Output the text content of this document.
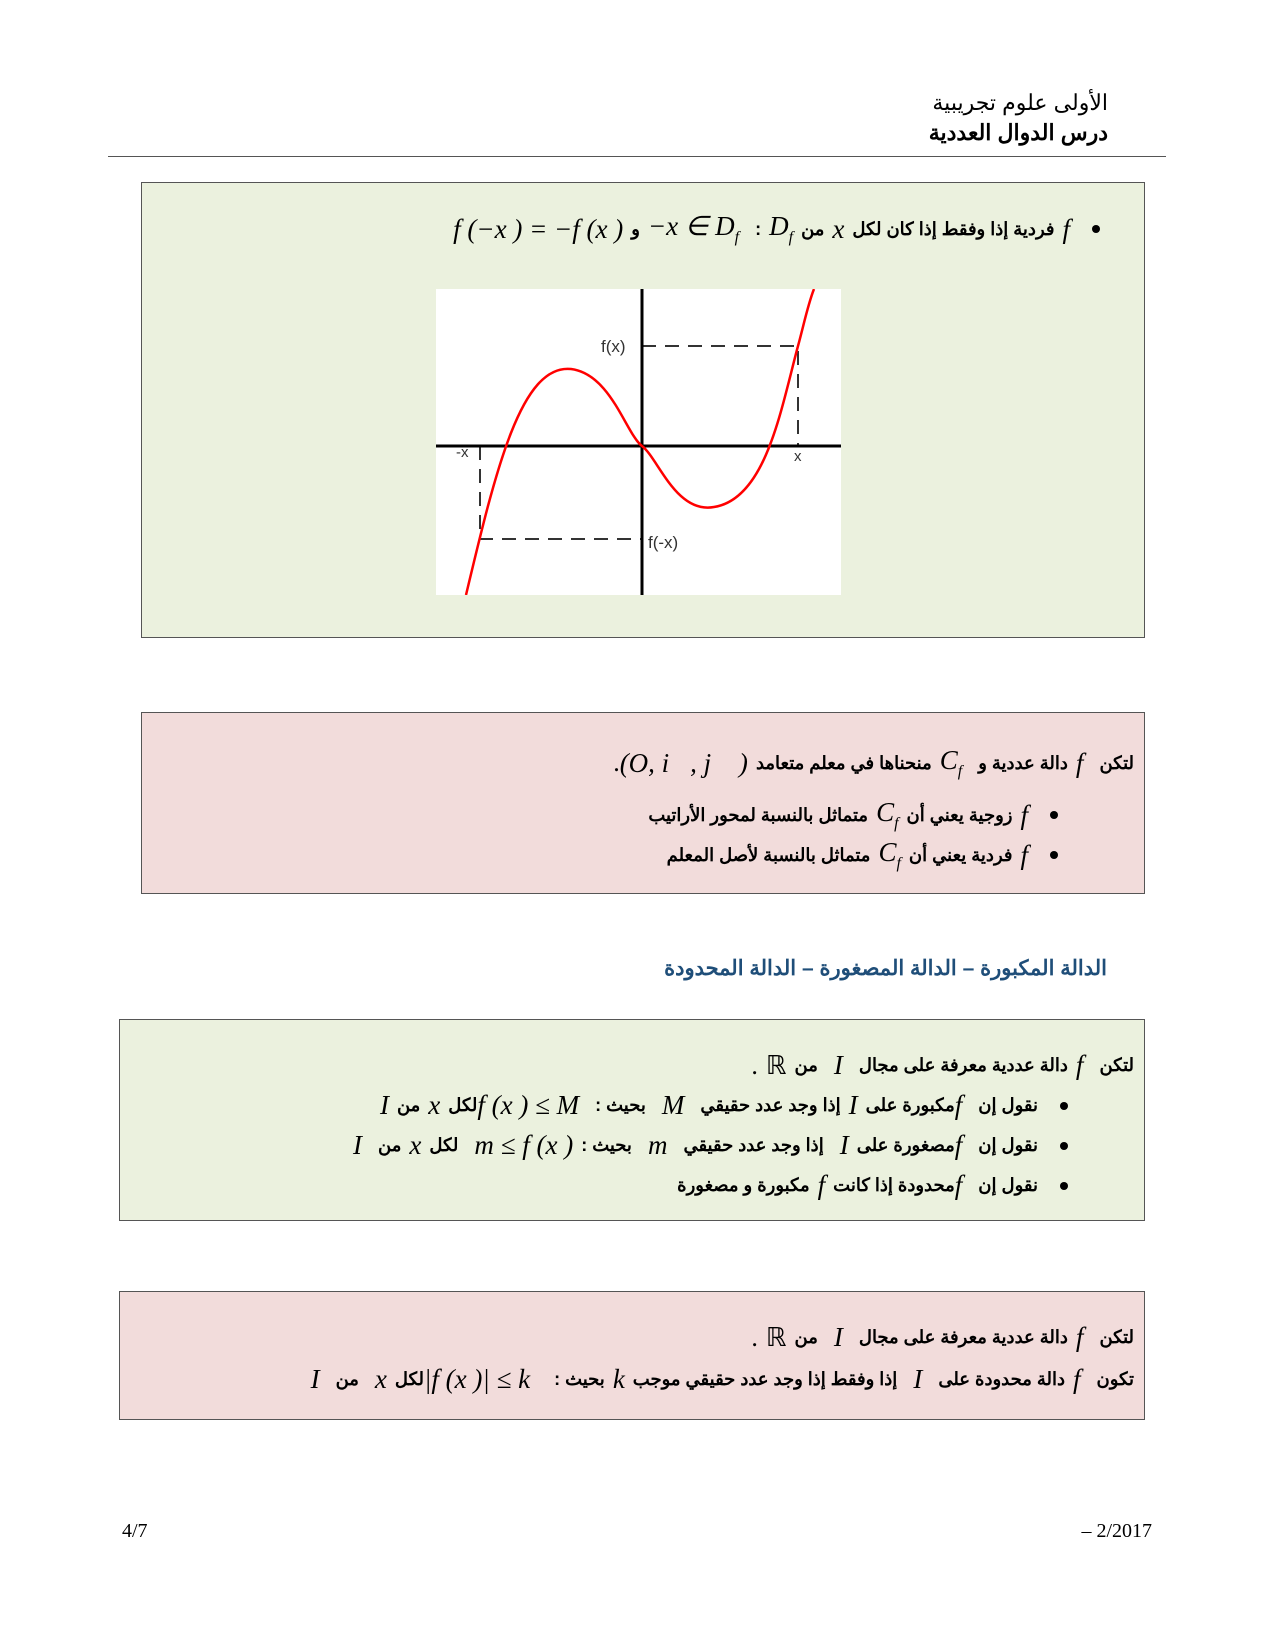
الأولى علوم تجريبية
درس الدوال العددية
f
فردية إذا وفقط إذا كان لكل
x
من
$D_f$
:
−x ∈ $D_f$
و
f (−x ) = −f (x )
f(x)
f(-x)
-x	x
لتكن
f
دالة عددية و
$C_f$
منحناها في معلم متعامد
(O, i⃗, j⃗ )
.
f
زوجية يعني أن
$C_f$
متماثل بالنسبة لمحور الأراتيب
f
فردية يعني أن
$C_f$
متماثل بالنسبة لأصل المعلم
الدالة المكبورة – الدالة المصغورة – الدالة المحدودة
لتكن
f
دالة عددية معرفة على مجال
I
من
ℝ
.
نقول إن
f
مكبورة على
I
إذا وجد عدد حقيقي
M
بحيث :
f (x ) ≤ M
لكل
x
من
I
نقول إن
f
مصغورة على
I
إذا وجد عدد حقيقي
m
بحيث :
m ≤ f (x )
لكل
x
من
I
نقول إن
f
محدودة إذا كانت
f
مكبورة و مصغورة
لتكن
f
دالة عددية معرفة على مجال
I
من
ℝ
.
تكون
f
دالة محدودة على
I
إذا وفقط إذا وجد عدد حقيقي موجب
k
بحيث :
|f (x )| ≤ k
لكل
x
من
I
4/7	– 2/2017
